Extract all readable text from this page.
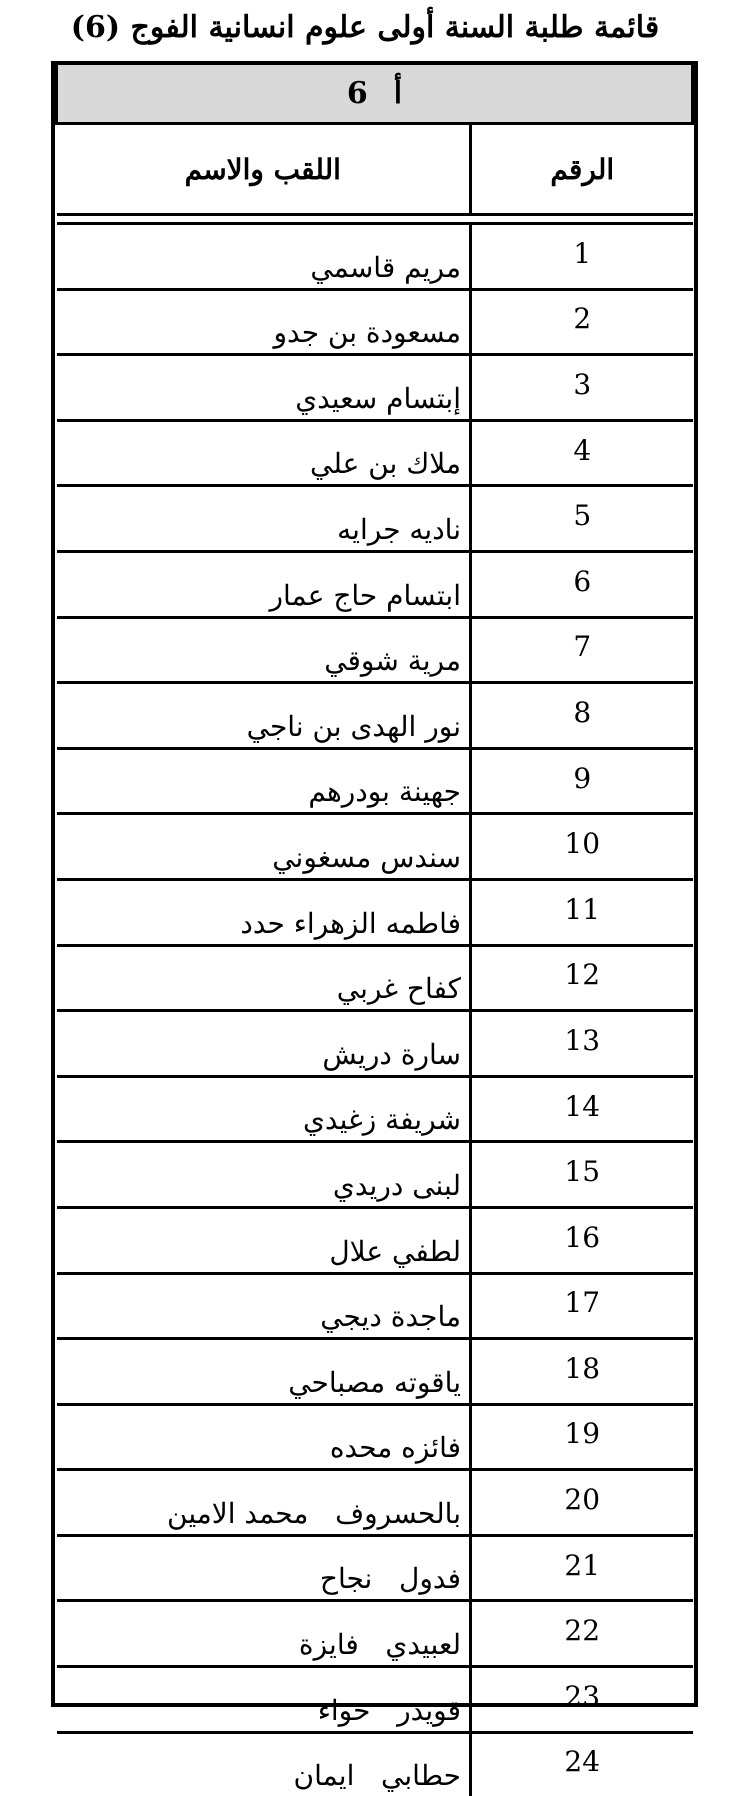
قائمة طلبة السنة أولى علوم انسانية الفوج (6)
أ6	
الرقم	اللقب والاسم

1	مريم قاسمي
2	مسعودة بن جدو
3	إبتسام سعيدي
4	ملاك بن علي
5	ناديه جرايه
6	ابتسام حاج عمار
7	مرية شوقي
8	نور الهدى بن ناجي
9	جهينة بودرهم
10	سندس مسغوني
11	فاطمه الزهراء حدد
12	كفاح غربي
13	سارة دريش
14	شريفة زغيدي
15	لبنى دريدي
16	لطفي علال
17	ماجدة ديجي
18	ياقوته مصباحي
19	فائزه محده
20	بالحسروف   محمد الامين
21	فدول   نجاح
22	لعبيدي   فايزة
23	قويدر   حواء
24	حطابي   ايمان
